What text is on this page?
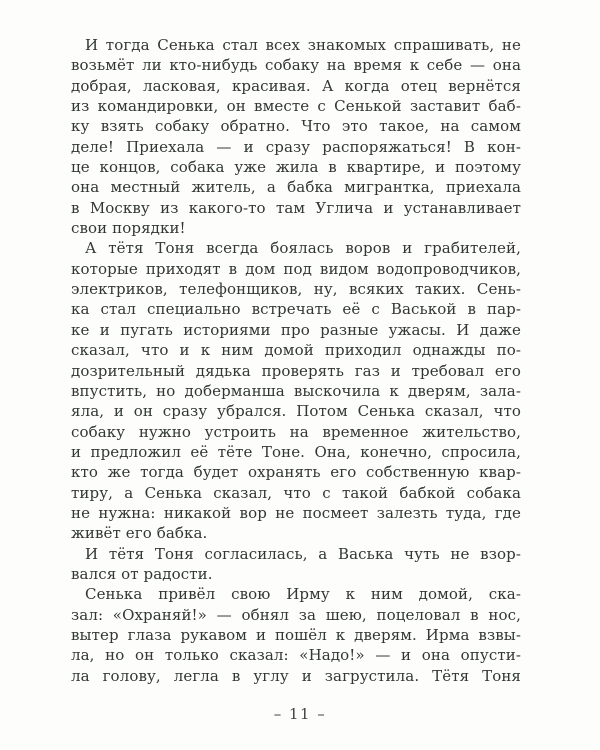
И тогда Сенька стал всех знакомых спрашивать, не
возьмёт ли кто-нибудь собаку на время к себе — она
добрая, ласковая, красивая. А когда отец вернётся
из командировки, он вместе с Сенькой заставит баб-
ку взять собаку обратно. Что это такое, на самом
деле! Приехала — и сразу распоряжаться! В кон-
це концов, собака уже жила в квартире, и поэтому
она местный житель, а бабка мигрантка, приехала
в Москву из какого-то там Углича и устанавливает
свои порядки!
А тётя Тоня всегда боялась воров и грабителей,
которые приходят в дом под видом водопроводчиков,
электриков, телефонщиков, ну, всяких таких. Сень-
ка стал специально встречать её с Васькой в пар-
ке и пугать историями про разные ужасы. И даже
сказал, что и к ним домой приходил однажды по-
дозрительный дядька проверять газ и требовал его
впустить, но доберманша выскочила к дверям, зала-
яла, и он сразу убрался. Потом Сенька сказал, что
собаку нужно устроить на временное жительство,
и предложил её тёте Тоне. Она, конечно, спросила,
кто же тогда будет охранять его собственную квар-
тиру, а Сенька сказал, что с такой бабкой собака
не нужна: никакой вор не посмеет залезть туда, где
живёт его бабка.
И тётя Тоня согласилась, а Васька чуть не взор-
вался от радости.
Сенька привёл свою Ирму к ним домой, ска-
зал: «Охраняй!» — обнял за шею, поцеловал в нос,
вытер глаза рукавом и пошёл к дверям. Ирма взвы-
ла, но он только сказал: «Надо!» — и она опусти-
ла голову, легла в углу и загрустила. Тётя Тоня
– 11 –
